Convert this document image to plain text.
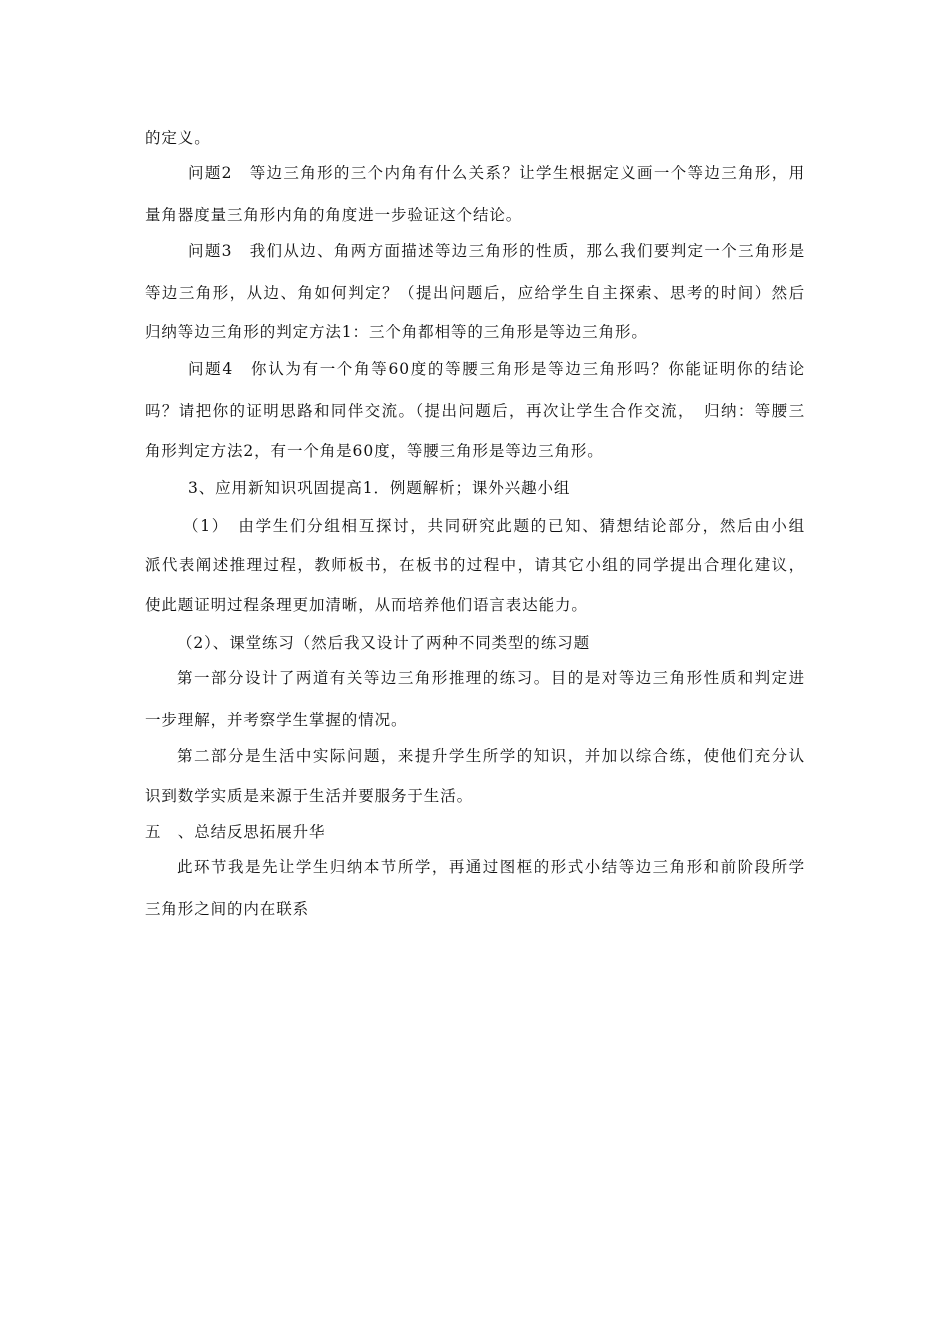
的定义。
问题2　等边三角形的三个内角有什么关系？让学生根据定义画一个等边三角形，用
量角器度量三角形内角的角度进一步验证这个结论。
问题3　我们从边、角两方面描述等边三角形的性质，那么我们要判定一个三角形是
等边三角形，从边、角如何判定？（提出问题后，应给学生自主探索、思考的时间）然后
归纳等边三角形的判定方法1：三个角都相等的三角形是等边三角形。
问题4　你认为有一个角等60度的等腰三角形是等边三角形吗？你能证明你的结论
吗？请把你的证明思路和同伴交流。（提出问题后，再次让学生合作交流，　归纳：等腰三
角形判定方法2，有一个角是60度，等腰三角形是等边三角形。
3、应用新知识巩固提高1．例题解析；课外兴趣小组
（1）　由学生们分组相互探讨，共同研究此题的已知、猜想结论部分，然后由小组
派代表阐述推理过程，教师板书，在板书的过程中，请其它小组的同学提出合理化建议，
使此题证明过程条理更加清晰，从而培养他们语言表达能力。
（2）、课堂练习（然后我又设计了两种不同类型的练习题
第一部分设计了两道有关等边三角形推理的练习。目的是对等边三角形性质和判定进
一步理解，并考察学生掌握的情况。
第二部分是生活中实际问题，来提升学生所学的知识，并加以综合练，使他们充分认
识到数学实质是来源于生活并要服务于生活。
五　、总结反思拓展升华
此环节我是先让学生归纳本节所学，再通过图框的形式小结等边三角形和前阶段所学
三角形之间的内在联系
